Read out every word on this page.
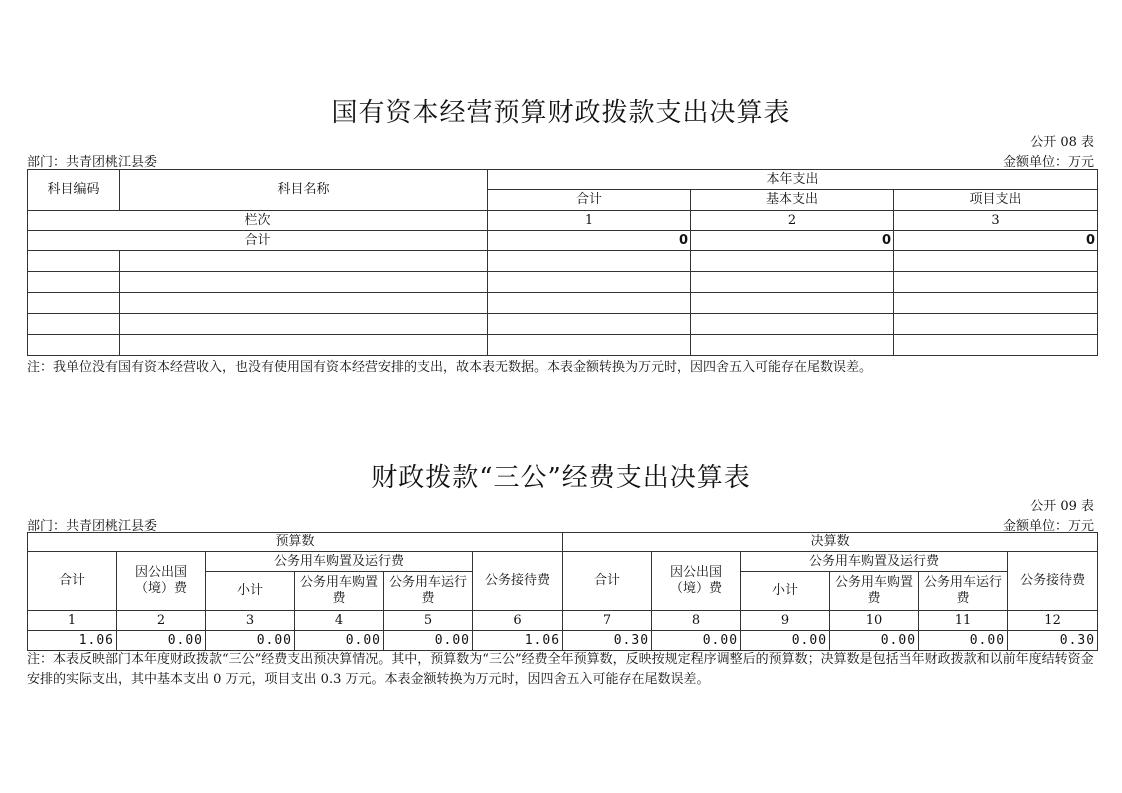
国有资本经营预算财政拨款支出决算表
公开 08 表
部门：共青团桃江县委	金额单位：万元
科目编码	科目名称	本年支出		
		合计	基本支出	项目支出
栏次		1	2	3
合计		0	0	0

注：我单位没有国有资本经营收入，也没有使用国有资本经营安排的支出，故本表无数据。本表金额转换为万元时，因四舍五入可能存在尾数误差。
财政拨款“三公”经费支出决算表
公开 09 表
部门：共青团桃江县委	金额单位：万元
预算数						决算数					
合计	因公出国（境）费	公务用车购置及运行费			公务接待费	合计	因公出国（境）费	公务用车购置及运行费			公务接待费
		小计	公务用车购置费	公务用车运行费				小计	公务用车购置费	公务用车运行费	
1	2	3	4	5	6	7	8	9	10	11	12
1.06	0.00	0.00	0.00	0.00	1.06	0.30	0.00	0.00	0.00	0.00	0.30
注：本表反映部门本年度财政拨款“三公”经费支出预决算情况。其中，预算数为“三公”经费全年预算数，反映按规定程序调整后的预算数；决算数是包括当年财政拨款和以前年度结转资金安排的实际支出，其中基本支出 0 万元，项目支出 0.3 万元。本表金额转换为万元时，因四舍五入可能存在尾数误差。
